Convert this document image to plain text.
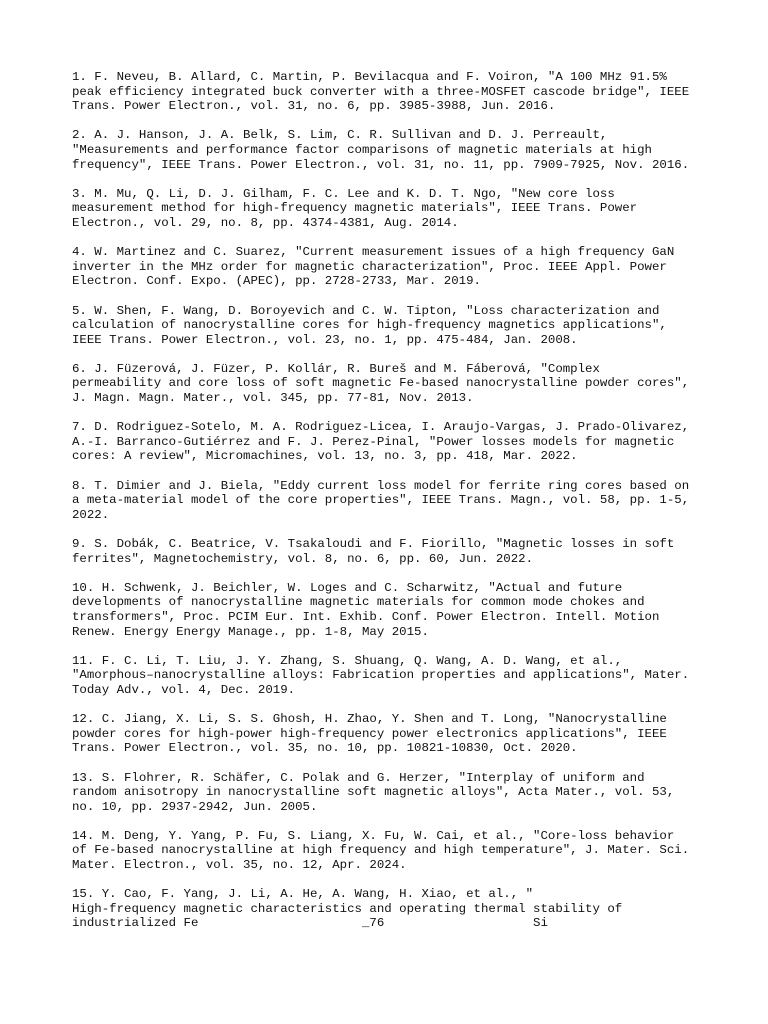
1. F. Neveu, B. Allard, C. Martin, P. Bevilacqua and F. Voiron, "A 100 MHz 91.5%
peak efficiency integrated buck converter with a three-MOSFET cascode bridge", IEEE
Trans. Power Electron., vol. 31, no. 6, pp. 3985-3988, Jun. 2016.

2. A. J. Hanson, J. A. Belk, S. Lim, C. R. Sullivan and D. J. Perreault,
"Measurements and performance factor comparisons of magnetic materials at high
frequency", IEEE Trans. Power Electron., vol. 31, no. 11, pp. 7909-7925, Nov. 2016.

3. M. Mu, Q. Li, D. J. Gilham, F. C. Lee and K. D. T. Ngo, "New core loss
measurement method for high-frequency magnetic materials", IEEE Trans. Power
Electron., vol. 29, no. 8, pp. 4374-4381, Aug. 2014.

4. W. Martinez and C. Suarez, "Current measurement issues of a high frequency GaN
inverter in the MHz order for magnetic characterization", Proc. IEEE Appl. Power
Electron. Conf. Expo. (APEC), pp. 2728-2733, Mar. 2019.

5. W. Shen, F. Wang, D. Boroyevich and C. W. Tipton, "Loss characterization and
calculation of nanocrystalline cores for high-frequency magnetics applications",
IEEE Trans. Power Electron., vol. 23, no. 1, pp. 475-484, Jan. 2008.

6. J. Füzerová, J. Füzer, P. Kollár, R. Bureš and M. Fáberová, "Complex
permeability and core loss of soft magnetic Fe-based nanocrystalline powder cores",
J. Magn. Magn. Mater., vol. 345, pp. 77-81, Nov. 2013.

7. D. Rodriguez-Sotelo, M. A. Rodriguez-Licea, I. Araujo-Vargas, J. Prado-Olivarez,
A.-I. Barranco-Gutiérrez and F. J. Perez-Pinal, "Power losses models for magnetic
cores: A review", Micromachines, vol. 13, no. 3, pp. 418, Mar. 2022.

8. T. Dimier and J. Biela, "Eddy current loss model for ferrite ring cores based on
a meta-material model of the core properties", IEEE Trans. Magn., vol. 58, pp. 1-5,
2022.

9. S. Dobák, C. Beatrice, V. Tsakaloudi and F. Fiorillo, "Magnetic losses in soft
ferrites", Magnetochemistry, vol. 8, no. 6, pp. 60, Jun. 2022.

10. H. Schwenk, J. Beichler, W. Loges and C. Scharwitz, "Actual and future
developments of nanocrystalline magnetic materials for common mode chokes and
transformers", Proc. PCIM Eur. Int. Exhib. Conf. Power Electron. Intell. Motion
Renew. Energy Energy Manage., pp. 1-8, May 2015.

11. F. C. Li, T. Liu, J. Y. Zhang, S. Shuang, Q. Wang, A. D. Wang, et al.,
"Amorphous–nanocrystalline alloys: Fabrication properties and applications", Mater.
Today Adv., vol. 4, Dec. 2019.

12. C. Jiang, X. Li, S. S. Ghosh, H. Zhao, Y. Shen and T. Long, "Nanocrystalline
powder cores for high-power high-frequency power electronics applications", IEEE
Trans. Power Electron., vol. 35, no. 10, pp. 10821-10830, Oct. 2020.

13. S. Flohrer, R. Schäfer, C. Polak and G. Herzer, "Interplay of uniform and
random anisotropy in nanocrystalline soft magnetic alloys", Acta Mater., vol. 53,
no. 10, pp. 2937-2942, Jun. 2005.

14. M. Deng, Y. Yang, P. Fu, S. Liang, X. Fu, W. Cai, et al., "Core-loss behavior
of Fe-based nanocrystalline at high frequency and high temperature", J. Mater. Sci.
Mater. Electron., vol. 35, no. 12, Apr. 2024.

15. Y. Cao, F. Yang, J. Li, A. He, A. Wang, H. Xiao, et al., "
High-frequency magnetic characteristics and operating thermal stability of
industrialized Fe                      _76                    Si
